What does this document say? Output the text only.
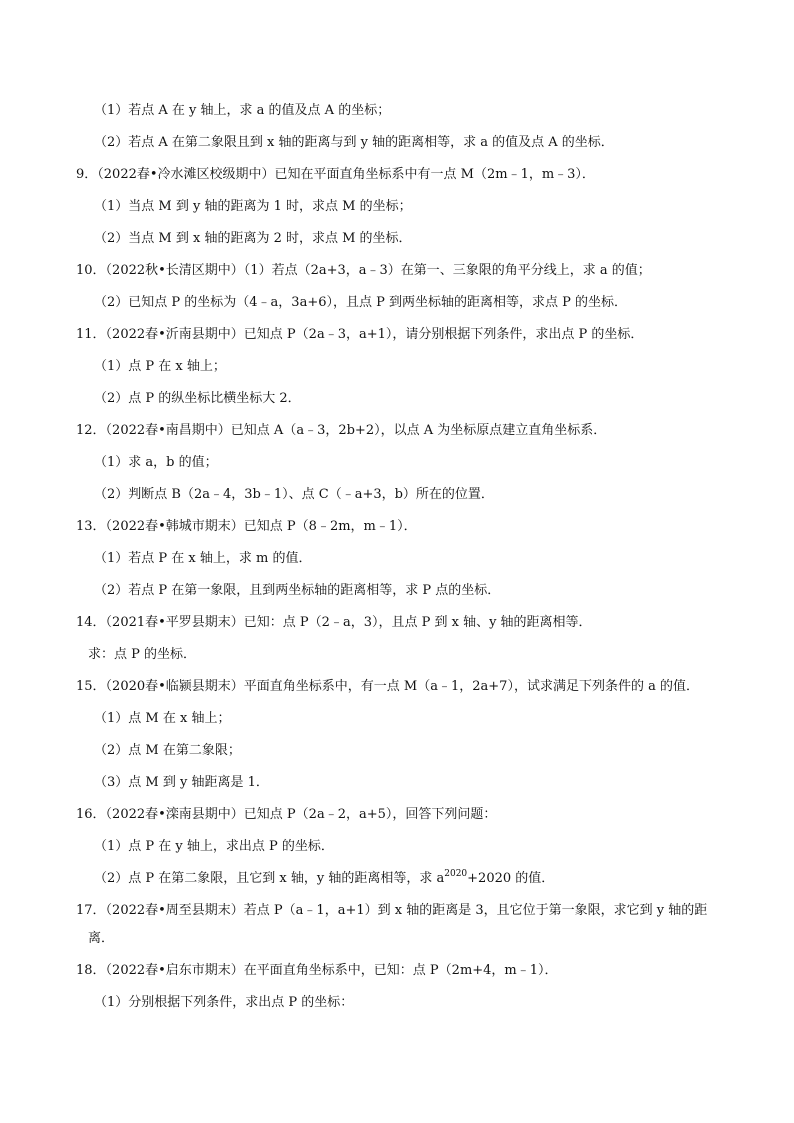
（1）若点 A 在 y 轴上，求 a 的值及点 A 的坐标；
（2）若点 A 在第二象限且到 x 轴的距离与到 y 轴的距离相等，求 a 的值及点 A 的坐标．
9．（2022春•冷水滩区校级期中）已知在平面直角坐标系中有一点 M（2m﹣1，m﹣3）．
（1）当点 M 到 y 轴的距离为 1 时，求点 M 的坐标；
（2）当点 M 到 x 轴的距离为 2 时，求点 M 的坐标．
10．（2022秋•长清区期中）（1）若点（2a+3，a﹣3）在第一、三象限的角平分线上，求 a 的值；
（2）已知点 P 的坐标为（4﹣a，3a+6），且点 P 到两坐标轴的距离相等，求点 P 的坐标．
11．（2022春•沂南县期中）已知点 P（2a﹣3，a+1），请分别根据下列条件，求出点 P 的坐标．
（1）点 P 在 x 轴上；
（2）点 P 的纵坐标比横坐标大 2．
12．（2022春•南昌期中）已知点 A（a﹣3，2b+2），以点 A 为坐标原点建立直角坐标系．
（1）求 a，b 的值；
（2）判断点 B（2a﹣4，3b﹣1）、点 C（﹣a+3，b）所在的位置．
13．（2022春•韩城市期末）已知点 P（8﹣2m，m﹣1）．
（1）若点 P 在 x 轴上，求 m 的值．
（2）若点 P 在第一象限，且到两坐标轴的距离相等，求 P 点的坐标．
14．（2021春•平罗县期末）已知：点 P（2﹣a，3），且点 P 到 x 轴、y 轴的距离相等．
求：点 P 的坐标．
15．（2020春•临颍县期末）平面直角坐标系中，有一点 M（a﹣1，2a+7），试求满足下列条件的 a 的值．
（1）点 M 在 x 轴上；
（2）点 M 在第二象限；
（3）点 M 到 y 轴距离是 1．
16．（2022春•滦南县期中）已知点 P（2a﹣2，a+5），回答下列问题：
（1）点 P 在 y 轴上，求出点 P 的坐标．
（2）点 P 在第二象限，且它到 x 轴，y 轴的距离相等，求 $a^{2020}+2020$ 的值．
17．（2022春•周至县期末）若点 P（a﹣1，a+1）到 x 轴的距离是 3，且它位于第一象限，求它到 y 轴的距
离．
18．（2022春•启东市期末）在平面直角坐标系中，已知：点 P（2m+4，m﹣1）．
（1）分别根据下列条件，求出点 P 的坐标：
